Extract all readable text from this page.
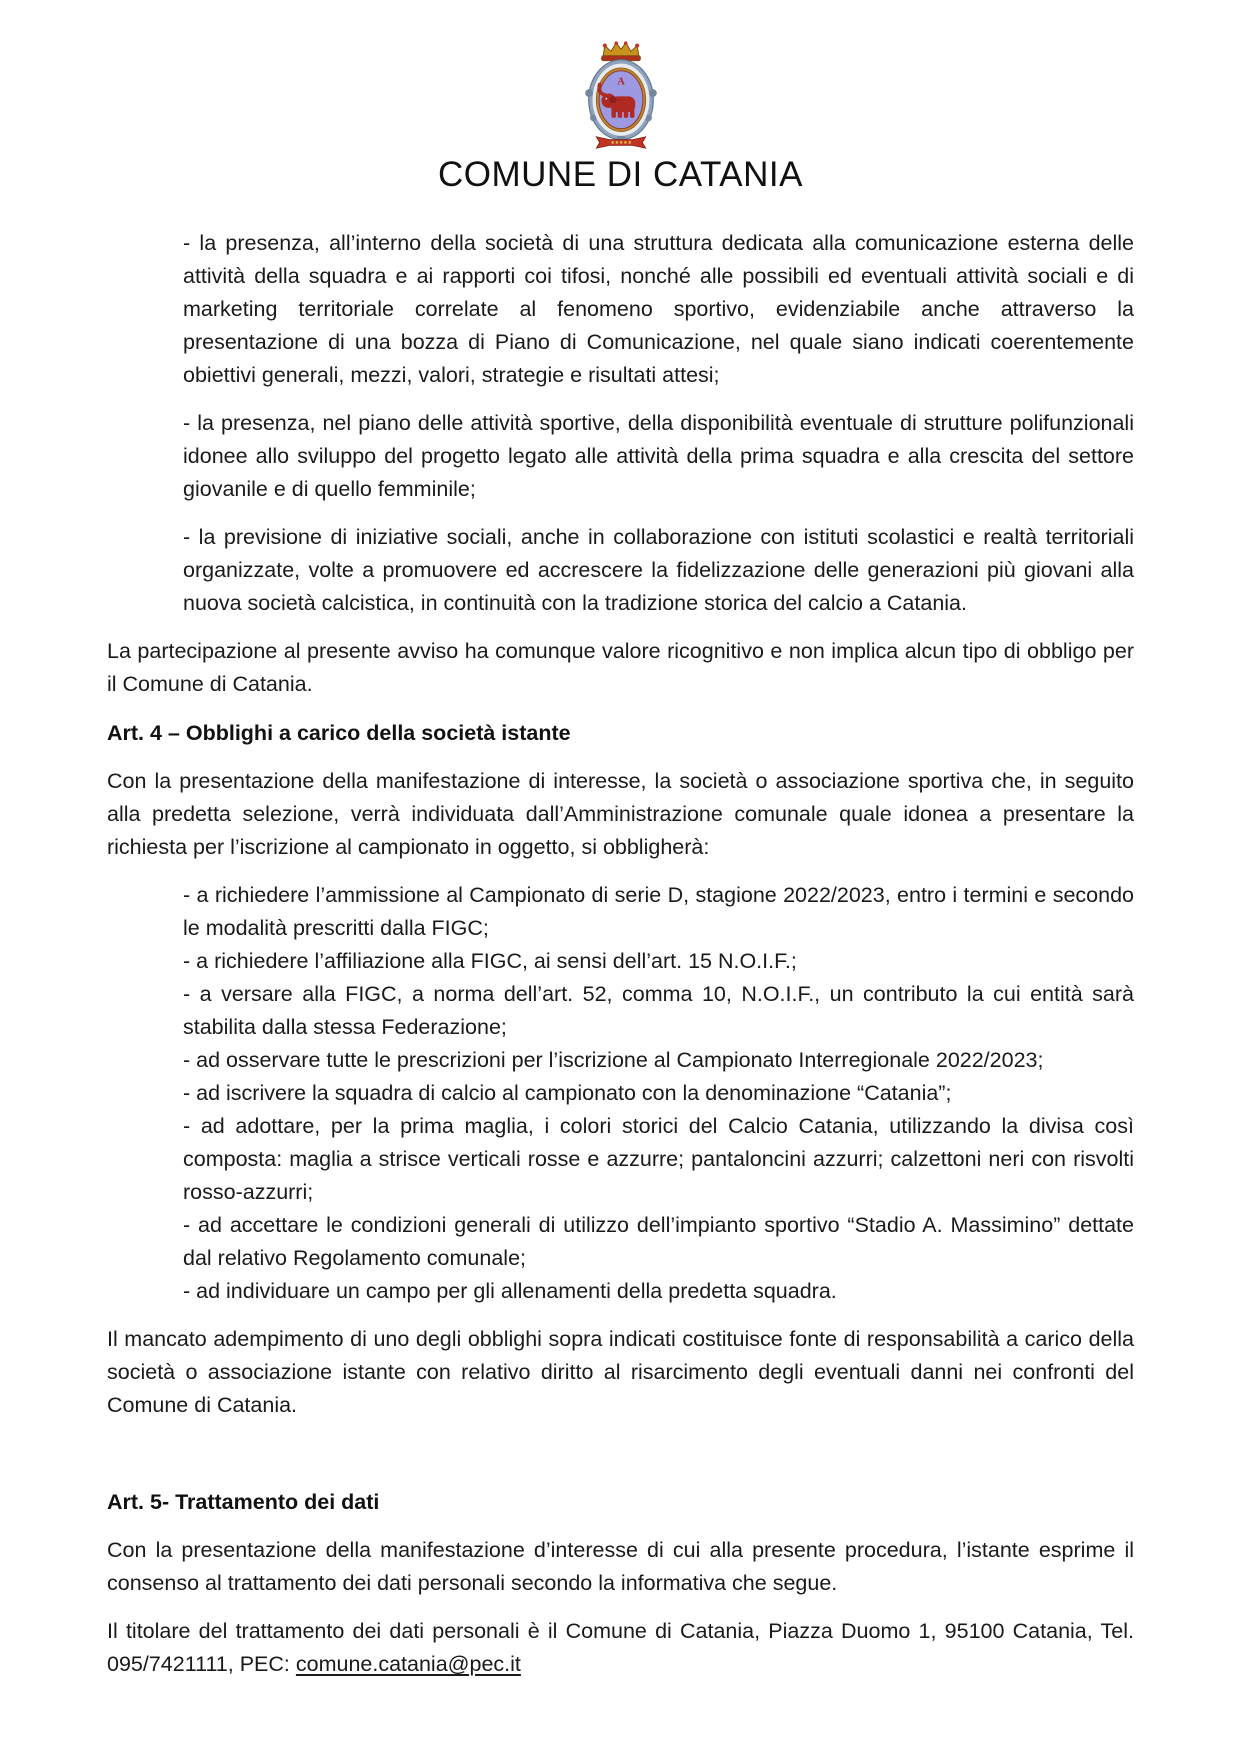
A
COMUNE DI CATANIA

- la presenza, all’interno della società di una struttura dedicata alla comunicazione esterna delle attività della squadra e ai rapporti coi tifosi, nonché alle possibili ed eventuali attività sociali e di marketing territoriale correlate al fenomeno sportivo, evidenziabile anche attraverso la presentazione di una bozza di Piano di Comunicazione, nel quale siano indicati coerentemente obiettivi generali, mezzi, valori, strategie e risultati attesi;

- la presenza, nel piano delle attività sportive, della disponibilità eventuale di strutture polifunzionali idonee allo sviluppo del progetto legato alle attività della prima squadra e alla crescita del settore giovanile e di quello femminile;

- la previsione di iniziative sociali, anche in collaborazione con istituti scolastici e realtà territoriali organizzate, volte a promuovere ed accrescere la fidelizzazione delle generazioni più giovani alla nuova società calcistica, in continuità con la tradizione storica del calcio a Catania.

La partecipazione al presente avviso ha comunque valore ricognitivo e non implica alcun tipo di obbligo per il Comune di Catania.

Art. 4 – Obblighi a carico della società istante

Con la presentazione della manifestazione di interesse, la società o associazione sportiva che, in seguito alla predetta selezione, verrà individuata dall’Amministrazione comunale quale idonea a presentare la richiesta per l’iscrizione al campionato in oggetto, si obbligherà:

- a richiedere l’ammissione al Campionato di serie D, stagione 2022/2023, entro i termini e secondo le modalità prescritti dalla FIGC;

- a richiedere l’affiliazione alla FIGC, ai sensi dell’art. 15 N.O.I.F.;

- a versare alla FIGC, a norma dell’art. 52, comma 10, N.O.I.F., un contributo la cui entità sarà stabilita dalla stessa Federazione;

- ad osservare tutte le prescrizioni per l’iscrizione al Campionato Interregionale 2022/2023;

- ad iscrivere la squadra di calcio al campionato con la denominazione “Catania”;

- ad adottare, per la prima maglia, i colori storici del Calcio Catania, utilizzando la divisa così composta: maglia a strisce verticali rosse e azzurre; pantaloncini azzurri; calzettoni neri con risvolti rosso-azzurri;

- ad accettare le condizioni generali di utilizzo dell’impianto sportivo “Stadio A. Massimino” dettate dal relativo Regolamento comunale;

- ad individuare un campo per gli allenamenti della predetta squadra.

Il mancato adempimento di uno degli obblighi sopra indicati costituisce fonte di responsabilità a carico della società o associazione istante con relativo diritto al risarcimento degli eventuali danni nei confronti del Comune di Catania.

Art. 5- Trattamento dei dati

Con la presentazione della manifestazione d’interesse di cui alla presente procedura, l’istante esprime il consenso al trattamento dei dati personali secondo la informativa che segue.

Il titolare del trattamento dei dati personali è il Comune di Catania, Piazza Duomo 1, 95100 Catania, Tel. 095/7421111, PEC: comune.catania@pec.it
